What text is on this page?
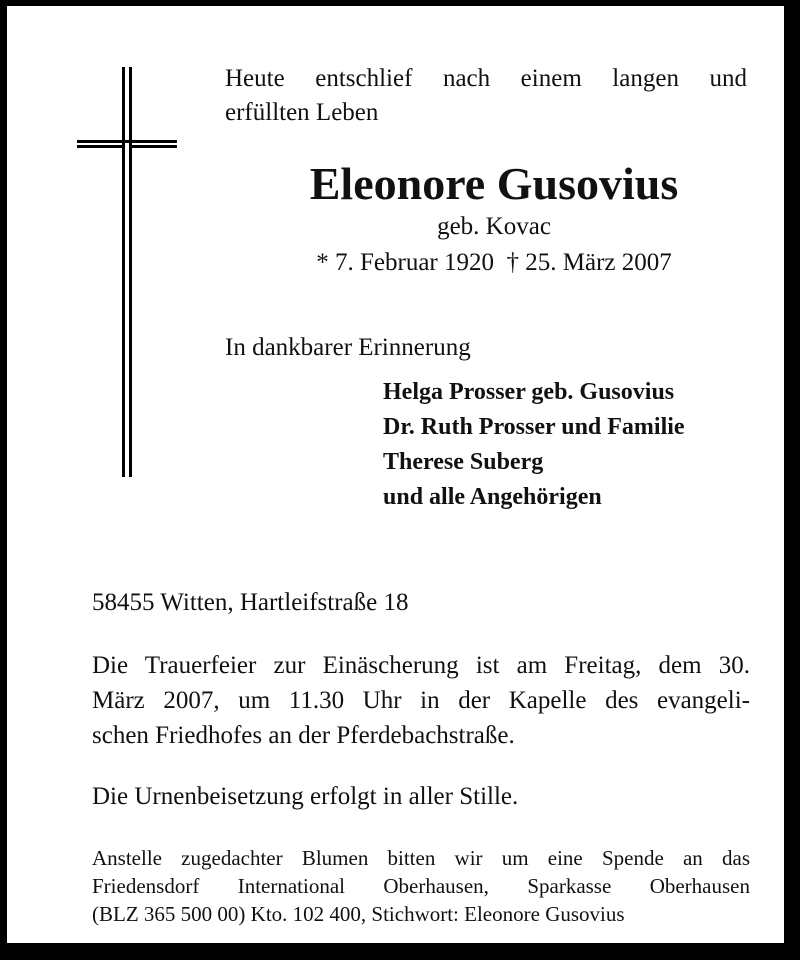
Heute entschlief nach einem langen und
erfüllten Leben
Eleonore Gusovius
geb. Kovac
* 7. Februar 1920  † 25. März 2007
In dankbarer Erinnerung
Helga Prosser geb. Gusovius
Dr. Ruth Prosser und Familie
Therese Suberg
und alle Angehörigen
58455 Witten, Hartleifstraße 18
Die Trauerfeier zur Einäscherung ist am Freitag, dem 30.
März 2007, um 11.30 Uhr in der Kapelle des evangeli-
schen Friedhofes an der Pferdebachstraße.
Die Urnenbeisetzung erfolgt in aller Stille.
Anstelle zugedachter Blumen bitten wir um eine Spende an das
Friedensdorf International Oberhausen, Sparkasse Oberhausen
(BLZ 365 500 00) Kto. 102 400, Stichwort: Eleonore Gusovius
